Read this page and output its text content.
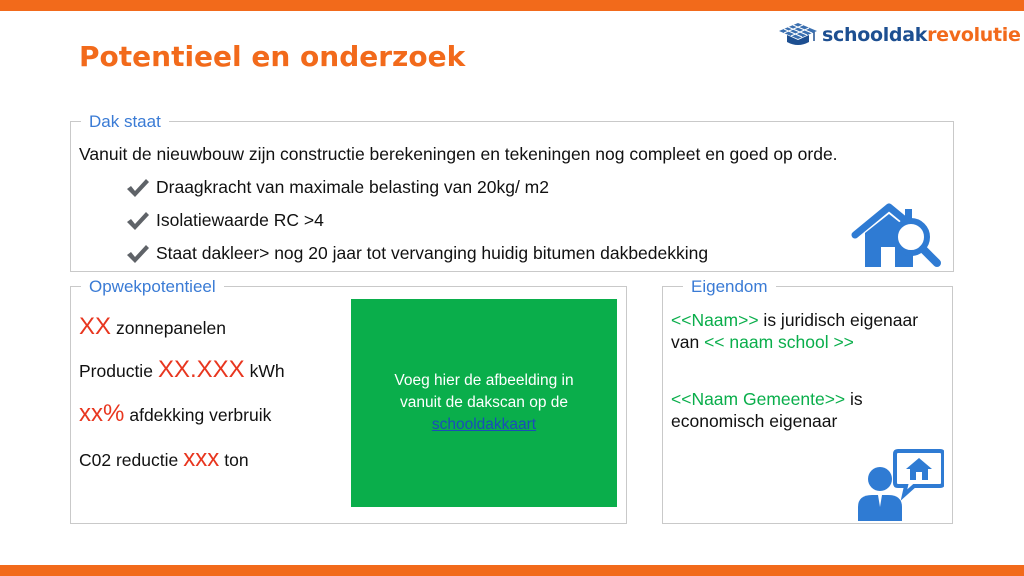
Potentieel en onderzoek
schooldakrevolutie
Dak staat
Vanuit de nieuwbouw zijn constructie berekeningen en tekeningen nog compleet en goed op orde.
Draagkracht van maximale belasting van 20kg/ m2
Isolatiewaarde RC >4
Staat dakleer> nog 20 jaar tot vervanging huidig bitumen dakbedekking
Opwekpotentieel
XX zonnepanelen
Productie XX.XXX kWh
xx% afdekking verbruik
C02 reductie xxx ton
Voeg hier de afbeelding in vanuit de dakscan op de
schooldakkaart
Eigendom
<<Naam>> is juridisch eigenaar van << naam school >>
<<Naam Gemeente>> is economisch eigenaar
